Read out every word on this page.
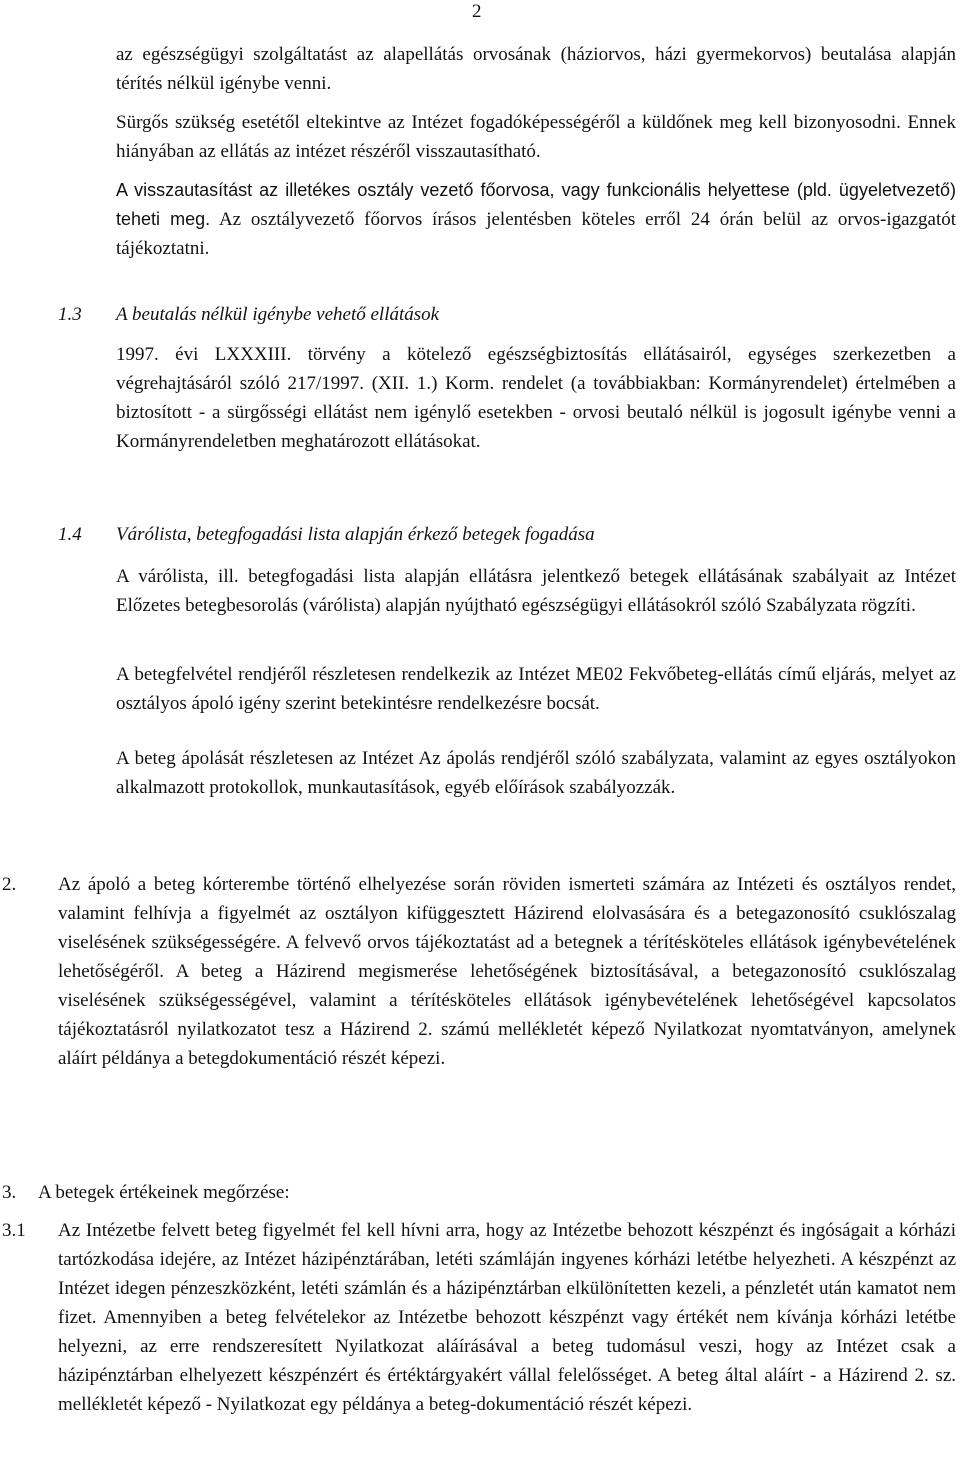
2

az egészségügyi szolgáltatást az alapellátás orvosának (háziorvos, házi gyermekorvos) beutalása alapján térítés nélkül igénybe venni.

Sürgős szükség esetétől eltekintve az Intézet fogadóképességéről a küldőnek meg kell bizonyosodni. Ennek hiányában az ellátás az intézet részéről visszautasítható.

A visszautasítást az illetékes osztály vezető főorvosa, vagy funkcionális helyettese (pld. ügyeletvezető) teheti meg. Az osztályvezető főorvos írásos jelentésben köteles erről 24 órán belül az orvos-igazgatót tájékoztatni.

1.3 A beutalás nélkül igénybe vehető ellátások

1997. évi LXXXIII. törvény a kötelező egészségbiztosítás ellátásairól, egységes szerkezetben a végrehajtásáról szóló 217/1997. (XII. 1.) Korm. rendelet (a továbbiakban: Kormányrendelet) értelmében a biztosított - a sürgősségi ellátást nem igénylő esetekben - orvosi beutaló nélkül is jogosult igénybe venni a Kormányrendeletben meghatározott ellátásokat.

1.4 Várólista, betegfogadási lista alapján érkező betegek fogadása

A várólista, ill. betegfogadási lista alapján ellátásra jelentkező betegek ellátásának szabályait az Intézet Előzetes betegbesorolás (várólista) alapján nyújtható egészségügyi ellátásokról szóló Szabályzata rögzíti.

A betegfelvétel rendjéről részletesen rendelkezik az Intézet ME02 Fekvőbeteg-ellátás című eljárás, melyet az osztályos ápoló igény szerint betekintésre rendelkezésre bocsát.

A beteg ápolását részletesen az Intézet Az ápolás rendjéről szóló szabályzata, valamint az egyes osztályokon alkalmazott protokollok, munkautasítások, egyéb előírások szabályozzák.

2. Az ápoló a beteg kórterembe történő elhelyezése során röviden ismerteti számára az Intézeti és osztályos rendet, valamint felhívja a figyelmét az osztályon kifüggesztett Házirend elolvasására és a betegazonosító csuklószalag viselésének szükségességére. A felvevő orvos tájékoztatást ad a betegnek a térítésköteles ellátások igénybevételének lehetőségéről. A beteg a Házirend megismerése lehetőségének biztosításával, a betegazonosító csuklószalag viselésének szükségességével, valamint a térítésköteles ellátások igénybevételének lehetőségével kapcsolatos tájékoztatásról nyilatkozatot tesz a Házirend 2. számú mellékletét képező Nyilatkozat nyomtatványon, amelynek aláírt példánya a betegdokumentáció részét képezi.

3. A betegek értékeinek megőrzése:

3.1 Az Intézetbe felvett beteg figyelmét fel kell hívni arra, hogy az Intézetbe behozott készpénzt és ingóságait a kórházi tartózkodása idejére, az Intézet házipénztárában, letéti számláján ingyenes kórházi letétbe helyezheti. A készpénzt az Intézet idegen pénzeszközként, letéti számlán és a házipénztárban elkülönítetten kezeli, a pénzletét után kamatot nem fizet. Amennyiben a beteg felvételekor az Intézetbe behozott készpénzt vagy értékét nem kívánja kórházi letétbe helyezni, az erre rendszeresített Nyilatkozat aláírásával a beteg tudomásul veszi, hogy az Intézet csak a házipénztárban elhelyezett készpénzért és értéktárgyakért vállal felelősséget. A beteg által aláírt - a Házirend 2. sz. mellékletét képező - Nyilatkozat egy példánya a beteg-dokumentáció részét képezi.
